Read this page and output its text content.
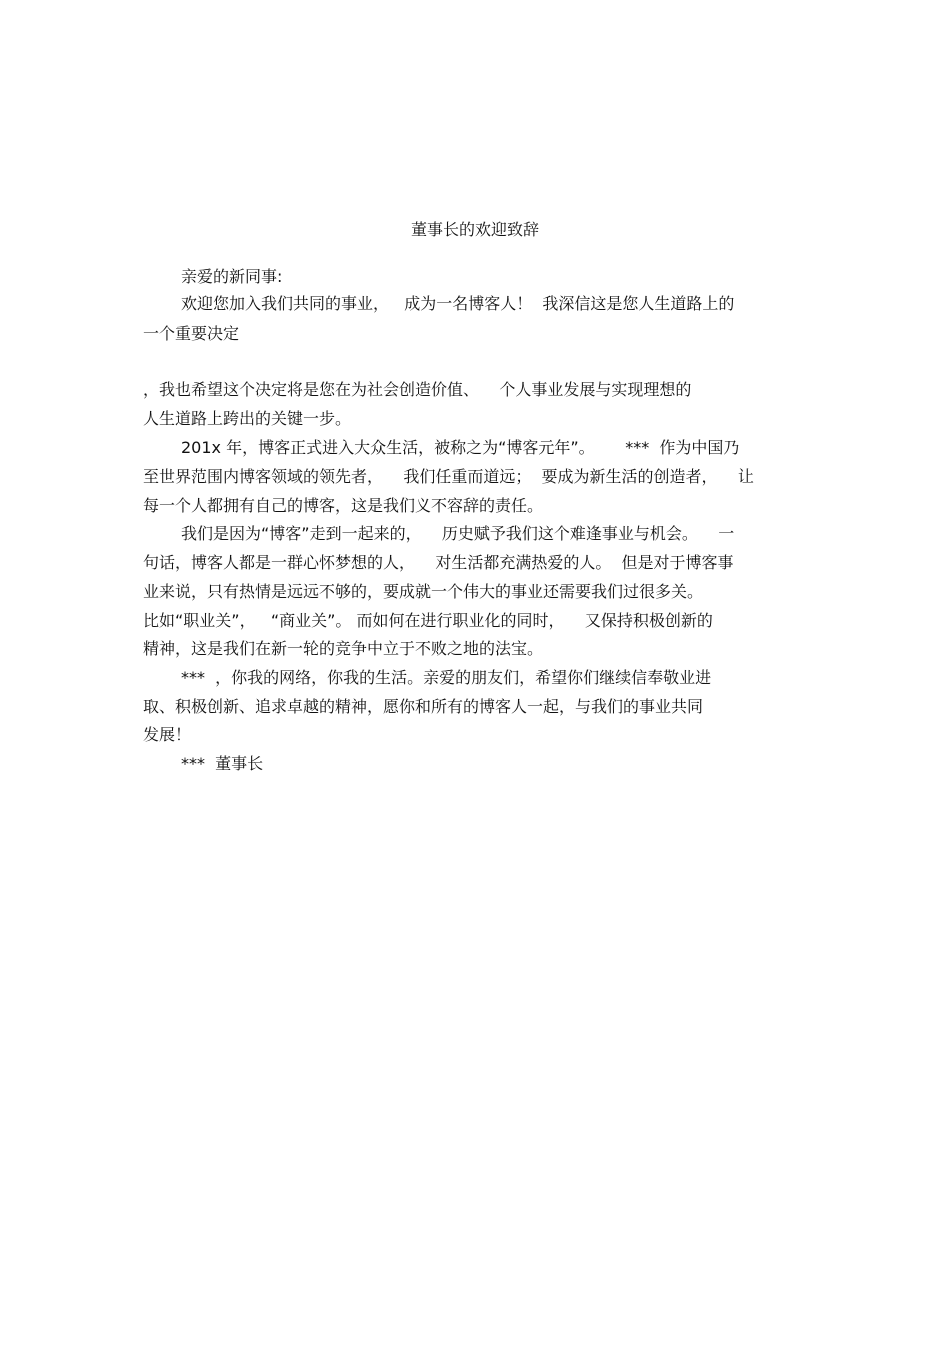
董事长的欢迎致辞
亲爱的新同事:
欢迎您加入我们共同的事业，   成为一名博客人！  我深信这是您人生道路上的
一个重要决定
，我也希望这个决定将是您在为社会创造价值、    个人事业发展与实现理想的
人生道路上跨出的关键一步。
201x 年，博客正式进入大众生活，被称之为“博客元年”。      ***  作为中国乃
至世界范围内博客领域的领先者，    我们任重而道远；  要成为新生活的创造者，    让
每一个人都拥有自己的博客，这是我们义不容辞的责任。
我们是因为“博客”走到一起来的，    历史赋予我们这个难逢事业与机会。    一
句话，博客人都是一群心怀梦想的人，    对生活都充满热爱的人。  但是对于博客事
业来说，只有热情是远远不够的，要成就一个伟大的事业还需要我们过很多关。
比如“职业关”，   “商业关”。 而如何在进行职业化的同时，    又保持积极创新的
精神，这是我们在新一轮的竞争中立于不败之地的法宝。
***  ，你我的网络，你我的生活。亲爱的朋友们，希望你们继续信奉敬业进
取、积极创新、追求卓越的精神，愿你和所有的博客人一起，与我们的事业共同
发展！
***  董事长
